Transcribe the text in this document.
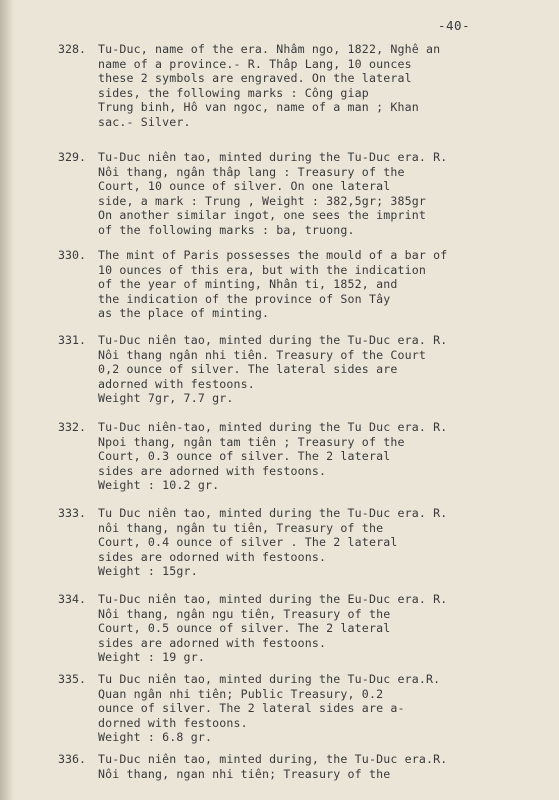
-40-
328. Tu-Duc, name of the era. Nhâm ngo, 1822, Nghê an
name of a province.- R. Thâp Lang, 10 ounces
these 2 symbols are engraved. On the lateral
sides, the following marks : Công giap
Trung binh, Hô van ngoc, name of a man ; Khan
sac.- Silver.
329. Tu-Duc niên tao, minted during the Tu-Duc era. R.
Nôi thang, ngân thâp lang : Treasury of the
Court, 10 ounce of silver. On one lateral
side, a mark : Trung , Weight : 382,5gr; 385gr
On another similar ingot, one sees the imprint
of the following marks : ba, truong.
330. The mint of Paris possesses the mould of a bar of
10 ounces of this era, but with the indication
of the year of minting, Nhân ti, 1852, and
the indication of the province of Son Tây
as the place of minting.
331. Tu-Duc niên tao, minted during the Tu-Duc era. R.
Nôi thang ngân nhi tiên. Treasury of the Court
0,2 ounce of silver. The lateral sides are
adorned with festoons.
Weight 7gr, 7.7 gr.
332. Tu-Duc niên-tao, minted during the Tu Duc era. R.
Npoi thang, ngân tam tiên ; Treasury of the
Court, 0.3 ounce of silver. The 2 lateral
sides are adorned with festoons.
Weight : 10.2 gr.
333. Tu Duc niên tao, minted during the Tu-Duc era. R.
nôi thang, ngân tu tiên, Treasury of the
Court, 0.4 ounce of silver . The 2 lateral
sides are odorned with festoons.
Weight : 15gr.
334. Tu-Duc niên tao, minted during the Eu-Duc era. R.
Nôi thang, ngân ngu tiên, Treasury of the
Court, 0.5 ounce of silver. The 2 lateral
sides are adorned with festoons.
Weight : 19 gr.
335. Tu Duc niên tao, minted during the Tu-Duc era.R.
Quan ngân nhi tiên; Public Treasury, 0.2
ounce of silver. The 2 lateral sides are a-
dorned with festoons.
Weight : 6.8 gr.
336. Tu-Duc niên tao, minted during, the Tu-Duc era.R.
Nôi thang, ngan nhi tiên; Treasury of the
